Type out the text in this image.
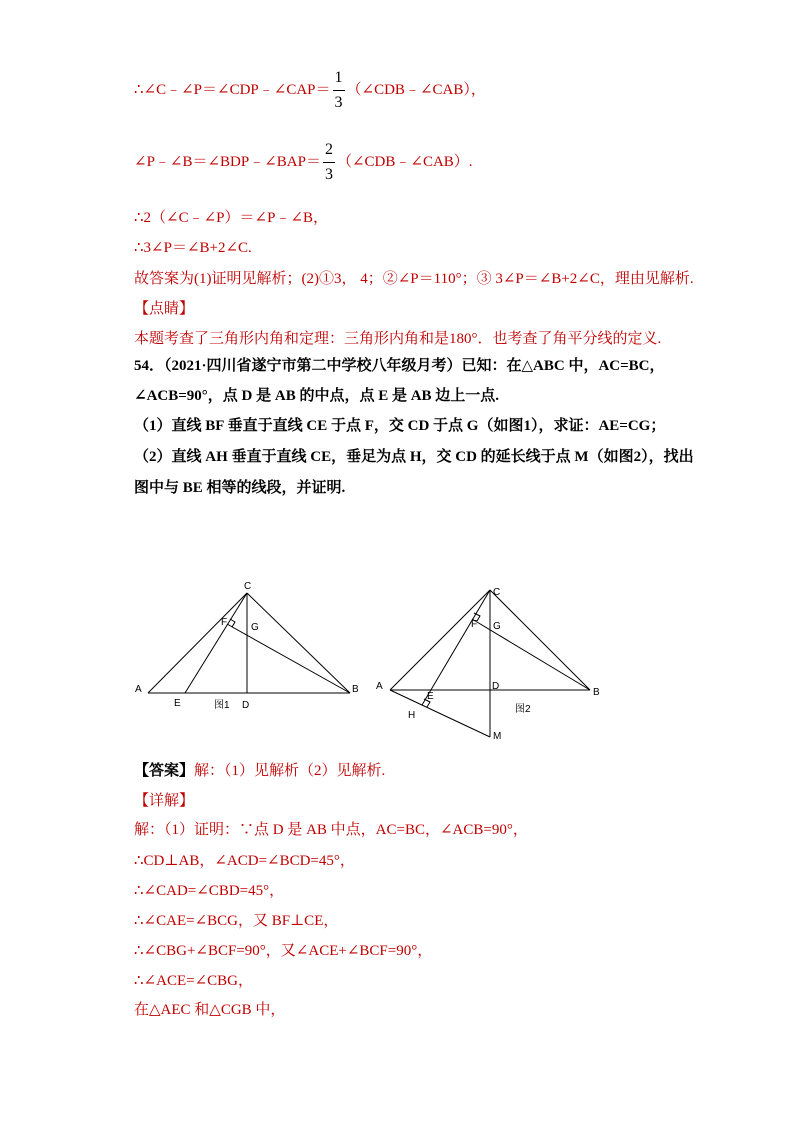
∴∠C﹣∠P＝∠CDP﹣∠CAP＝ $\frac{1}{3}$ （∠CDB﹣∠CAB），
∠P﹣∠B＝∠BDP﹣∠BAP＝ $\frac{2}{3}$ （∠CDB﹣∠CAB）.
∴2（∠C﹣∠P）＝∠P﹣∠B，
∴3∠P＝∠B+2∠C.
故答案为(1)证明见解析；(2)①3， 4；②∠P＝110°；③ 3∠P＝∠B+2∠C，理由见解析.
【点睛】
本题考查了三角形内角和定理：三角形内角和是180°．也考查了角平分线的定义.
54．（2021·四川省遂宁市第二中学校八年级月考）已知：在△ABC 中，AC=BC，
∠ACB=90°，点 D 是 AB 的中点，点 E 是 AB 边上一点.
（1）直线 BF 垂直于直线 CE 于点 F，交 CD 于点 G（如图1），求证：AE=CG；
（2）直线 AH 垂直于直线 CE，垂足为点 H，交 CD 的延长线于点 M（如图2），找出
图中与 BE 相等的线段，并证明.
C
A	B
D
E
F G
图1
C
A
B
D
E
F G
H
M
图2
【答案】解：（1）见解析（2）见解析.
【详解】
解：（1）证明：∵点 D 是 AB 中点，AC=BC，∠ACB=90°，
∴CD⊥AB，∠ACD=∠BCD=45°，
∴∠CAD=∠CBD=45°，
∴∠CAE=∠BCG，又 BF⊥CE，
∴∠CBG+∠BCF=90°，又∠ACE+∠BCF=90°，
∴∠ACE=∠CBG，
在△AEC 和△CGB 中，
